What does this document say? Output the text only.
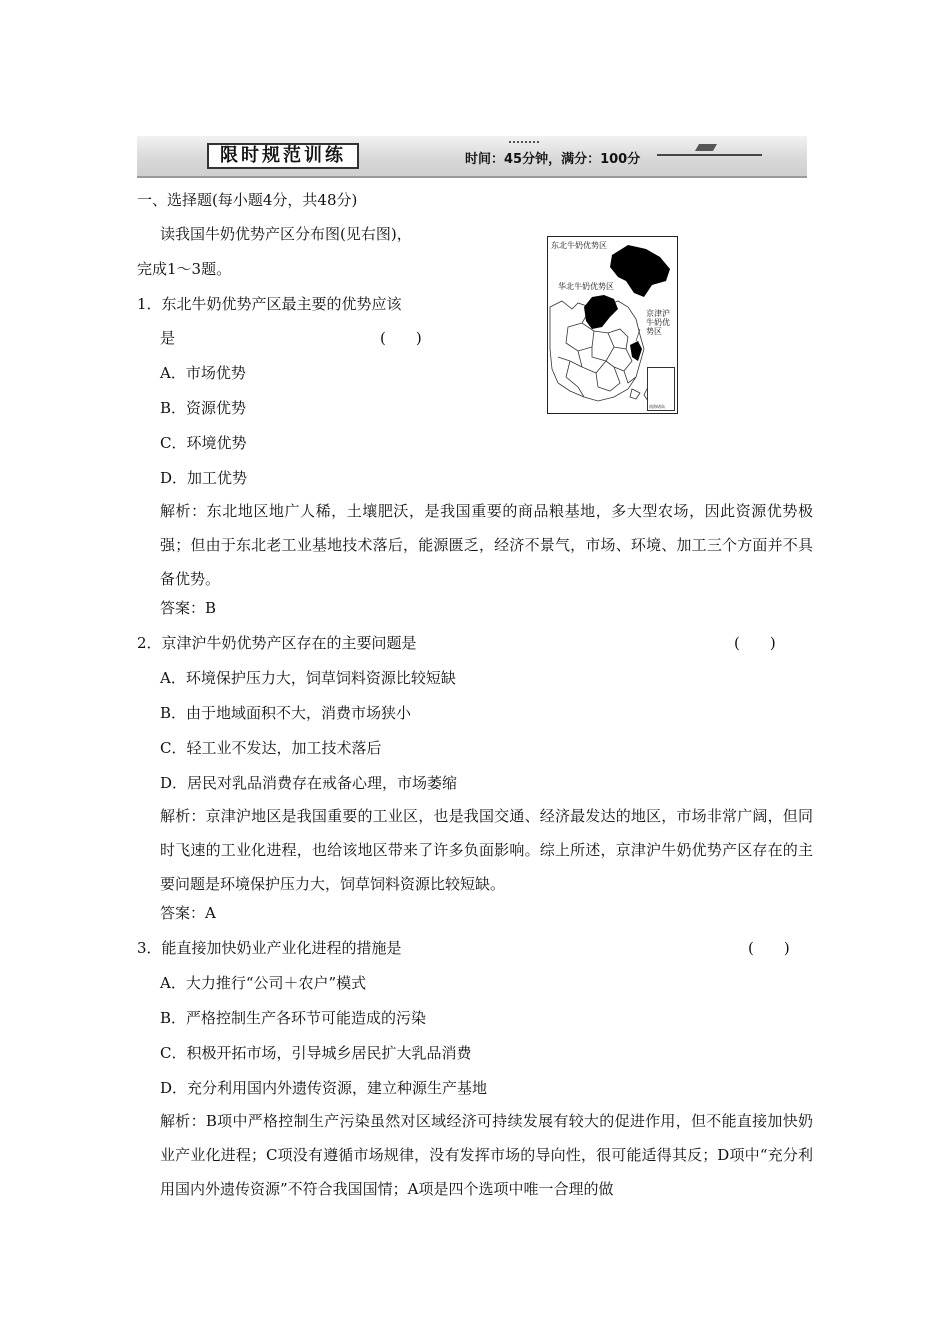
限时规范训练	时间：45分钟，满分：100分
一、选择题(每小题4分，共48分)
读我国牛奶优势产区分布图(见右图)，
完成1～3题。
东北牛奶优势区
华北牛奶优势区
京津沪牛奶优势区
南海诸岛
1．东北牛奶优势产区最主要的优势应该
是	(　　)
A．市场优势
B．资源优势
C．环境优势
D．加工优势
解析：东北地区地广人稀，土壤肥沃，是我国重要的商品粮基地，多大型农场，因此资源优势极强；但由于东北老工业基地技术落后，能源匮乏，经济不景气，市场、环境、加工三个方面并不具备优势。
答案：B
2．京津沪牛奶优势产区存在的主要问题是	(　　)
A．环境保护压力大，饲草饲料资源比较短缺
B．由于地域面积不大，消费市场狭小
C．轻工业不发达，加工技术落后
D．居民对乳品消费存在戒备心理，市场萎缩
解析：京津沪地区是我国重要的工业区，也是我国交通、经济最发达的地区，市场非常广阔，但同时飞速的工业化进程，也给该地区带来了许多负面影响。综上所述，京津沪牛奶优势产区存在的主要问题是环境保护压力大，饲草饲料资源比较短缺。
答案：A
3．能直接加快奶业产业化进程的措施是	(　　)
A．大力推行“公司＋农户”模式
B．严格控制生产各环节可能造成的污染
C．积极开拓市场，引导城乡居民扩大乳品消费
D．充分利用国内外遗传资源，建立种源生产基地
解析：B项中严格控制生产污染虽然对区域经济可持续发展有较大的促进作用，但不能直接加快奶业产业化进程；C项没有遵循市场规律，没有发挥市场的导向性，很可能适得其反；D项中“充分利用国内外遗传资源”不符合我国国情；A项是四个选项中唯一合理的做
